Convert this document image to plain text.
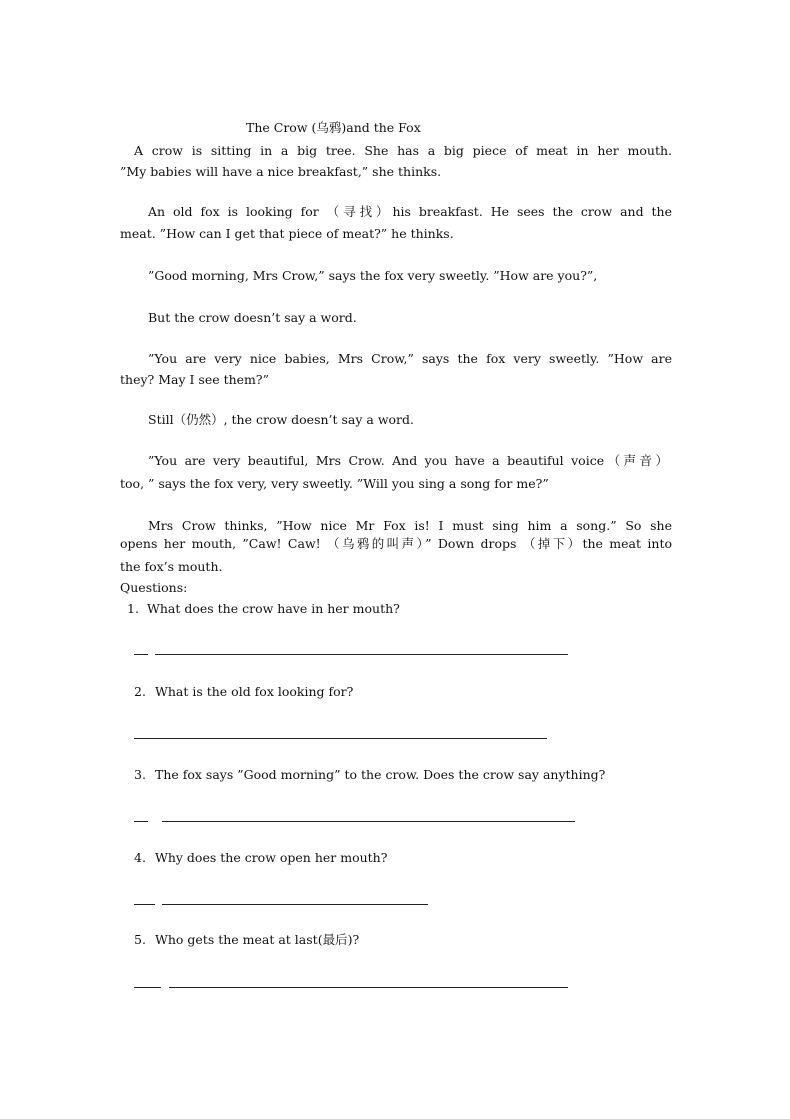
The Crow (乌鸦)and the Fox
A crow is sitting in a big tree. She has a big piece of meat in her mouth.
”My babies will have a nice breakfast,” she thinks.
An old fox is looking for （寻找）his breakfast. He sees the crow and the
meat. ”How can I get that piece of meat?” he thinks.
”Good morning, Mrs Crow,” says the fox very sweetly. ”How are you?”,
But the crow doesn’t say a word.
”You are very nice babies, Mrs Crow,” says the fox very sweetly. ”How are
they? May I see them?”
Still（仍然）, the crow doesn’t say a word.
”You are very beautiful, Mrs Crow. And you have a beautiful voice（声音）
too, ” says the fox very, very sweetly. ”Will you sing a song for me?”
Mrs Crow thinks, ”How nice Mr Fox is! I must sing him a song.” So she
opens her mouth, ”Caw! Caw! （乌鸦的叫声）” Down drops （掉下）the meat into
the fox’s mouth.
Questions:
1. What does the crow have in her mouth?
2. What is the old fox looking for?
3. The fox says ”Good morning” to the crow. Does the crow say anything?
4. Why does the crow open her mouth?
5. Who gets the meat at last(最后)?
